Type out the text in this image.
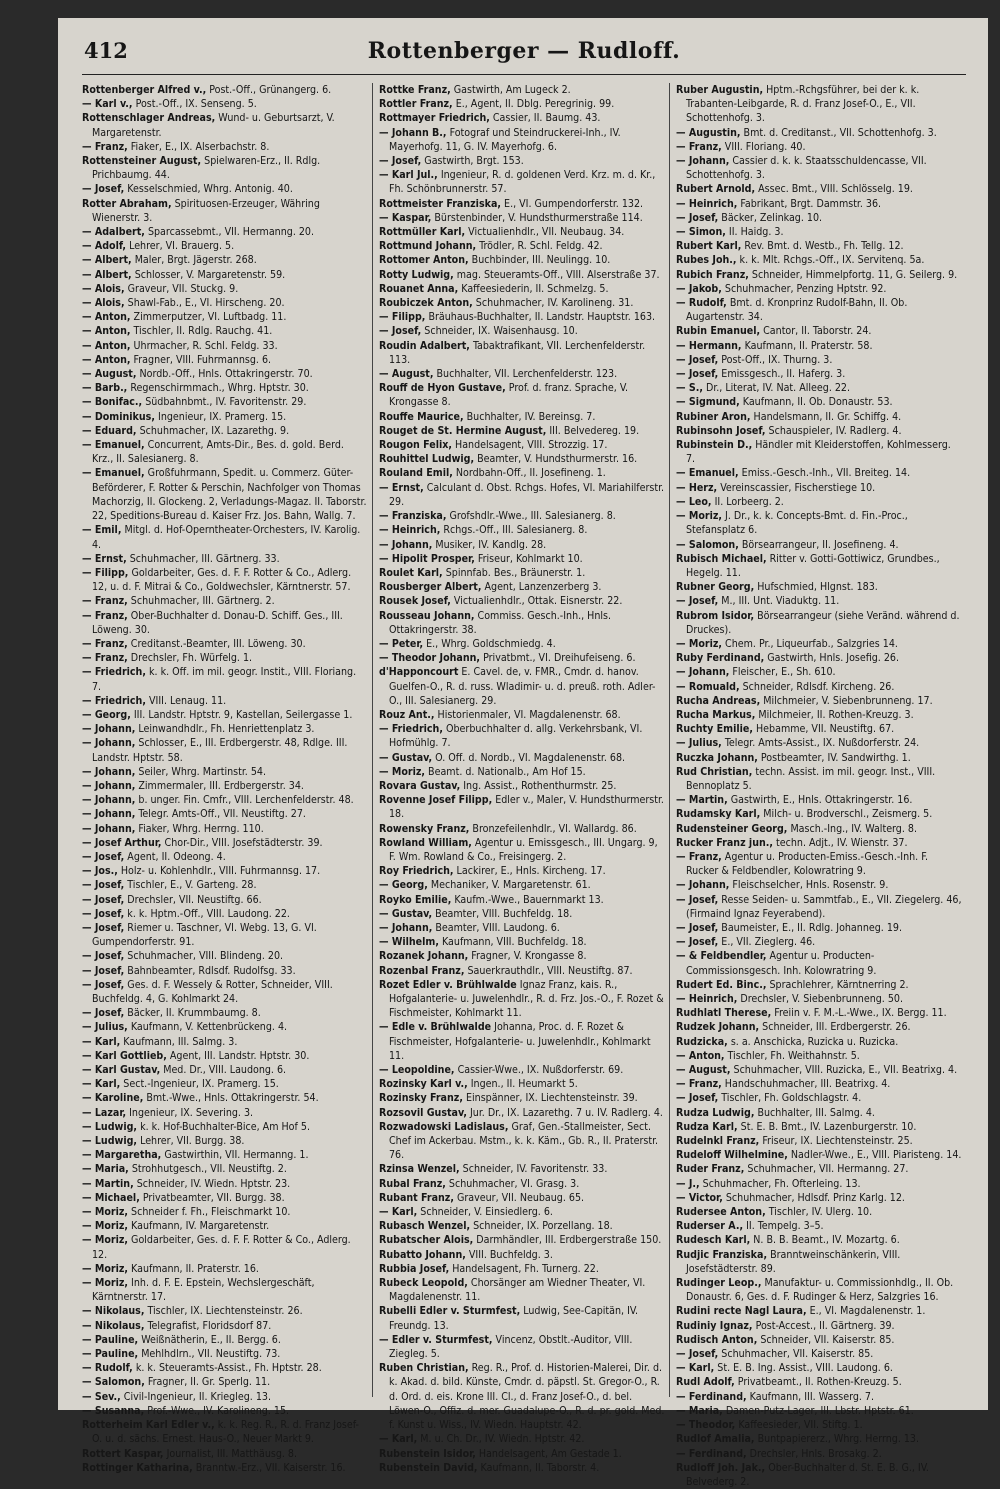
412	Rottenberger — Rudloff.

Rottenberger Alfred v., Post.-Off., Grünangerg. 6.

— Karl v., Post.-Off., IX. Senseng. 5.

Rottenschlager Andreas, Wund- u. Geburtsarzt, V. Margaretenstr.

— Franz, Fiaker, E., IX. Alserbachstr. 8.

Rottensteiner August, Spielwaren-Erz., II. Rdlg. Prichbaumg. 44.

— Josef, Kesselschmied, Whrg. Antonig. 40.

Rotter Abraham, Spirituosen-Erzeuger, Währing Wienerstr. 3.

— Adalbert, Sparcassebmt., VII. Hermanng. 20.

— Adolf, Lehrer, VI. Brauerg. 5.

— Albert, Maler, Brgt. Jägerstr. 268.

— Albert, Schlosser, V. Margaretenstr. 59.

— Alois, Graveur, VII. Stuckg. 9.

— Alois, Shawl-Fab., E., VI. Hirscheng. 20.

— Anton, Zimmerputzer, VI. Luftbadg. 11.

— Anton, Tischler, II. Rdlg. Rauchg. 41.

— Anton, Uhrmacher, R. Schl. Feldg. 33.

— Anton, Fragner, VIII. Fuhrmannsg. 6.

— August, Nordb.-Off., Hnls. Ottakringerstr. 70.

— Barb., Regenschirmmach., Whrg. Hptstr. 30.

— Bonifac., Südbahnbmt., IV. Favoritenstr. 29.

— Dominikus, Ingenieur, IX. Pramerg. 15.

— Eduard, Schuhmacher, IX. Lazarethg. 9.

— Emanuel, Concurrent, Amts-Dir., Bes. d. gold. Berd. Krz., II. Salesianerg. 8.

— Emanuel, Großfuhrmann, Spedit. u. Commerz. Güter-Beförderer, F. Rotter & Perschin, Nachfolger von Thomas Machorzig, II. Glockeng. 2, Verladungs-Magaz. II. Taborstr. 22, Speditions-Bureau d. Kaiser Frz. Jos. Bahn, Wallg. 7.

— Emil, Mitgl. d. Hof-Operntheater-Orchesters, IV. Karolig. 4.

— Ernst, Schuhmacher, III. Gärtnerg. 33.

— Filipp, Goldarbeiter, Ges. d. F. F. Rotter & Co., Adlerg. 12, u. d. F. Mitrai & Co., Goldwechsler, Kärntnerstr. 57.

— Franz, Schuhmacher, III. Gärtnerg. 2.

— Franz, Ober-Buchhalter d. Donau-D. Schiff. Ges., III. Löweng. 30.

— Franz, Creditanst.-Beamter, III. Löweng. 30.

— Franz, Drechsler, Fh. Würfelg. 1.

— Friedrich, k. k. Off. im mil. geogr. Instit., VIII. Floriang. 7.

— Friedrich, VIII. Lenaug. 11.

— Georg, III. Landstr. Hptstr. 9, Kastellan, Seilergasse 1.

— Johann, Leinwandhdlr., Fh. Henriettenplatz 3.

— Johann, Schlosser, E., III. Erdbergerstr. 48, Rdlge. III. Landstr. Hptstr. 58.

— Johann, Seiler, Whrg. Martinstr. 54.

— Johann, Zimmermaler, III. Erdbergerstr. 34.

— Johann, b. unger. Fin. Cmfr., VIII. Lerchenfelderstr. 48.

— Johann, Telegr. Amts-Off., VII. Neustiftg. 27.

— Johann, Fiaker, Whrg. Herrng. 110.

— Josef Arthur, Chor-Dir., VIII. Josefstädterstr. 39.

— Josef, Agent, II. Odeong. 4.

— Jos., Holz- u. Kohlenhdlr., VIII. Fuhrmannsg. 17.

— Josef, Tischler, E., V. Garteng. 28.

— Josef, Drechsler, VII. Neustiftg. 66.

— Josef, k. k. Hptm.-Off., VIII. Laudong. 22.

— Josef, Riemer u. Taschner, VI. Webg. 13, G. VI. Gumpendorferstr. 91.

— Josef, Schuhmacher, VIII. Blindeng. 20.

— Josef, Bahnbeamter, Rdlsdf. Rudolfsg. 33.

— Josef, Ges. d. F. Wessely & Rotter, Schneider, VIII. Buchfeldg. 4, G. Kohlmarkt 24.

— Josef, Bäcker, II. Krummbaumg. 8.

— Julius, Kaufmann, V. Kettenbrückeng. 4.

— Karl, Kaufmann, III. Salmg. 3.

— Karl Gottlieb, Agent, III. Landstr. Hptstr. 30.

— Karl Gustav, Med. Dr., VIII. Laudong. 6.

— Karl, Sect.-Ingenieur, IX. Pramerg. 15.

— Karoline, Bmt.-Wwe., Hnls. Ottakringerstr. 54.

— Lazar, Ingenieur, IX. Severing. 3.

— Ludwig, k. k. Hof-Buchhalter-Bice, Am Hof 5.

— Ludwig, Lehrer, VII. Burgg. 38.

— Margaretha, Gastwirthin, VII. Hermanng. 1.

— Maria, Strohhutgesch., VII. Neustiftg. 2.

— Martin, Schneider, IV. Wiedn. Hptstr. 23.

— Michael, Privatbeamter, VII. Burgg. 38.

— Moriz, Schneider f. Fh., Fleischmarkt 10.

— Moriz, Kaufmann, IV. Margaretenstr.

— Moriz, Goldarbeiter, Ges. d. F. F. Rotter & Co., Adlerg. 12.

— Moriz, Kaufmann, II. Praterstr. 16.

— Moriz, Inh. d. F. E. Epstein, Wechslergeschäft, Kärntnerstr. 17.

— Nikolaus, Tischler, IX. Liechtensteinstr. 26.

— Nikolaus, Telegrafist, Floridsdorf 87.

— Pauline, Weißnätherin, E., II. Bergg. 6.

— Pauline, Mehlhdlrn., VII. Neustiftg. 73.

— Rudolf, k. k. Steueramts-Assist., Fh. Hptstr. 28.

— Salomon, Fragner, II. Gr. Sperlg. 11.

— Sev., Civil-Ingenieur, II. Kriegleg. 13.

— Susanna, Prof.-Wwe., IV. Karolineng. 15.

Rotterheim Karl Edler v., k. k. Reg. R., R. d. Franz Josef-O. u. d. sächs. Ernest. Haus-O., Neuer Markt 9.

Rottert Kaspar, Journalist, III. Matthäusg. 8.

Rottinger Katharina, Branntw.-Erz., VII. Kaiserstr. 16.

Rottke Franz, Gastwirth, Am Lugeck 2.

Rottler Franz, E., Agent, II. Dblg. Peregrinig. 99.

Rottmayer Friedrich, Cassier, II. Baumg. 43.

— Johann B., Fotograf und Steindruckerei-Inh., IV. Mayerhofg. 11, G. IV. Mayerhofg. 6.

— Josef, Gastwirth, Brgt. 153.

— Karl Jul., Ingenieur, R. d. goldenen Verd. Krz. m. d. Kr., Fh. Schönbrunnerstr. 57.

Rottmeister Franziska, E., VI. Gumpendorferstr. 132.

— Kaspar, Bürstenbinder, V. Hundsthurmerstraße 114.

Rottmüller Karl, Victualienhdlr., VII. Neubaug. 34.

Rottmund Johann, Trödler, R. Schl. Feldg. 42.

Rottomer Anton, Buchbinder, III. Neulingg. 10.

Rotty Ludwig, mag. Steueramts-Off., VIII. Alserstraße 37.

Rouanet Anna, Kaffeesiederin, II. Schmelzg. 5.

Roubiczek Anton, Schuhmacher, IV. Karolineng. 31.

— Filipp, Bräuhaus-Buchhalter, II. Landstr. Hauptstr. 163.

— Josef, Schneider, IX. Waisenhausg. 10.

Roudin Adalbert, Tabaktrafikant, VII. Lerchenfelderstr. 113.

— August, Buchhalter, VII. Lerchenfelderstr. 123.

Rouff de Hyon Gustave, Prof. d. franz. Sprache, V. Krongasse 8.

Rouffe Maurice, Buchhalter, IV. Bereinsg. 7.

Rouget de St. Hermine August, III. Belvedereg. 19.

Rougon Felix, Handelsagent, VIII. Strozzig. 17.

Rouhittel Ludwig, Beamter, V. Hundsthurmerstr. 16.

Rouland Emil, Nordbahn-Off., II. Josefineng. 1.

— Ernst, Calculant d. Obst. Rchgs. Hofes, VI. Mariahilferstr. 29.

— Franziska, Grofshdlr.-Wwe., III. Salesianerg. 8.

— Heinrich, Rchgs.-Off., III. Salesianerg. 8.

— Johann, Musiker, IV. Kandlg. 28.

— Hipolit Prosper, Friseur, Kohlmarkt 10.

Roulet Karl, Spinnfab. Bes., Bräunerstr. 1.

Rousberger Albert, Agent, Lanzenzerberg 3.

Rousek Josef, Victualienhdlr., Ottak. Eisnerstr. 22.

Rousseau Johann, Commiss. Gesch.-Inh., Hnls. Ottakringerstr. 38.

— Peter, E., Whrg. Goldschmiedg. 4.

— Theodor Johann, Privatbmt., VI. Dreihufeiseng. 6.

d'Happoncourt E. Cavel. de, v. FMR., Cmdr. d. hanov. Guelfen-O., R. d. russ. Wladimir- u. d. preuß. roth. Adler-O., III. Salesianerg. 29.

Rouz Ant., Historienmaler, VI. Magdalenenstr. 68.

— Friedrich, Oberbuchhalter d. allg. Verkehrsbank, VI. Hofmühlg. 7.

— Gustav, O. Off. d. Nordb., VI. Magdalenenstr. 68.

— Moriz, Beamt. d. Nationalb., Am Hof 15.

Rovara Gustav, Ing. Assist., Rothenthurmstr. 25.

Rovenne Josef Filipp, Edler v., Maler, V. Hundsthurmerstr. 18.

Rowensky Franz, Bronzefeilenhdlr., VI. Wallardg. 86.

Rowland William, Agentur u. Emissgesch., III. Ungarg. 9, F. Wm. Rowland & Co., Freisingerg. 2.

Roy Friedrich, Lackirer, E., Hnls. Kircheng. 17.

— Georg, Mechaniker, V. Margaretenstr. 61.

Royko Emilie, Kaufm.-Wwe., Bauernmarkt 13.

— Gustav, Beamter, VIII. Buchfeldg. 18.

— Johann, Beamter, VIII. Laudong. 6.

— Wilhelm, Kaufmann, VIII. Buchfeldg. 18.

Rozanek Johann, Fragner, V. Krongasse 8.

Rozenbal Franz, Sauerkrauthdlr., VIII. Neustiftg. 87.

Rozet Edler v. Brühlwalde Ignaz Franz, kais. R., Hofgalanterie- u. Juwelenhdlr., R. d. Frz. Jos.-O., F. Rozet & Fischmeister, Kohlmarkt 11.

— Edle v. Brühlwalde Johanna, Proc. d. F. Rozet & Fischmeister, Hofgalanterie- u. Juwelenhdlr., Kohlmarkt 11.

— Leopoldine, Cassier-Wwe., IX. Nußdorferstr. 69.

Rozinsky Karl v., Ingen., II. Heumarkt 5.

Rozinsky Franz, Einspänner, IX. Liechtensteinstr. 39.

Rozsovil Gustav, Jur. Dr., IX. Lazarethg. 7 u. IV. Radlerg. 4.

Rozwadowski Ladislaus, Graf, Gen.-Stallmeister, Sect. Chef im Ackerbau. Mstm., k. k. Käm., Gb. R., II. Praterstr. 76.

Rzinsa Wenzel, Schneider, IV. Favoritenstr. 33.

Rubal Franz, Schuhmacher, VI. Grasg. 3.

Rubant Franz, Graveur, VII. Neubaug. 65.

— Karl, Schneider, V. Einsiedlerg. 6.

Rubasch Wenzel, Schneider, IX. Porzellang. 18.

Rubatscher Alois, Darmhändler, III. Erdbergerstraße 150.

Rubatto Johann, VIII. Buchfeldg. 3.

Rubbia Josef, Handelsagent, Fh. Turnerg. 22.

Rubeck Leopold, Chorsänger am Wiedner Theater, VI. Magdalenenstr. 11.

Rubelli Edler v. Sturmfest, Ludwig, See-Capitän, IV. Freundg. 13.

— Edler v. Sturmfest, Vincenz, Obstlt.-Auditor, VIII. Ziegleg. 5.

Ruben Christian, Reg. R., Prof. d. Historien-Malerei, Dir. d. k. Akad. d. bild. Künste, Cmdr. d. päpstl. St. Gregor-O., R. d. Ord. d. eis. Krone III. Cl., d. Franz Josef-O., d. bel. Löwen-O., Offiz. d. mer. Guadalupe-O., R. d. pr. gold. Med. f. Kunst u. Wiss., IV. Wiedn. Hauptstr. 42.

— Karl, M. u. Ch. Dr., IV. Wiedn. Hptstr. 42.

Rubenstein Isidor, Handelsagent, Am Gestade 1.

Rubenstein David, Kaufmann, II. Taborstr. 4.

Ruber Augustin, Hptm.-Rchgsführer, bei der k. k. Trabanten-Leibgarde, R. d. Franz Josef-O., E., VII. Schottenhofg. 3.

— Augustin, Bmt. d. Creditanst., VII. Schottenhofg. 3.

— Franz, VIII. Floriang. 40.

— Johann, Cassier d. k. k. Staatsschuldencasse, VII. Schottenhofg. 3.

Rubert Arnold, Assec. Bmt., VIII. Schlösselg. 19.

— Heinrich, Fabrikant, Brgt. Dammstr. 36.

— Josef, Bäcker, Zelinkag. 10.

— Simon, II. Haidg. 3.

Rubert Karl, Rev. Bmt. d. Westb., Fh. Tellg. 12.

Rubes Joh., k. k. Mlt. Rchgs.-Off., IX. Servitenq. 5a.

Rubich Franz, Schneider, Himmelpfortg. 11, G. Seilerg. 9.

— Jakob, Schuhmacher, Penzing Hptstr. 92.

— Rudolf, Bmt. d. Kronprinz Rudolf-Bahn, II. Ob. Augartenstr. 34.

Rubin Emanuel, Cantor, II. Taborstr. 24.

— Hermann, Kaufmann, II. Praterstr. 58.

— Josef, Post-Off., IX. Thurng. 3.

— Josef, Emissgesch., II. Haferg. 3.

— S., Dr., Literat, IV. Nat. Alleeg. 22.

— Sigmund, Kaufmann, II. Ob. Donaustr. 53.

Rubiner Aron, Handelsmann, II. Gr. Schiffg. 4.

Rubinsohn Josef, Schauspieler, IV. Radlerg. 4.

Rubinstein D., Händler mit Kleiderstoffen, Kohlmesserg. 7.

— Emanuel, Emiss.-Gesch.-Inh., VII. Breiteg. 14.

— Herz, Vereinscassier, Fischerstiege 10.

— Leo, II. Lorbeerg. 2.

— Moriz, J. Dr., k. k. Concepts-Bmt. d. Fin.-Proc., Stefansplatz 6.

— Salomon, Börsearrangeur, II. Josefineng. 4.

Rubisch Michael, Ritter v. Gotti-Gottiwicz, Grundbes., Hegelg. 11.

Rubner Georg, Hufschmied, Hlgnst. 183.

— Josef, M., III. Unt. Viaduktg. 11.

Rubrom Isidor, Börsearrangeur (siehe Veränd. während d. Druckes).

— Moriz, Chem. Pr., Liqueurfab., Salzgries 14.

Ruby Ferdinand, Gastwirth, Hnls. Josefig. 26.

— Johann, Fleischer, E., Sh. 610.

— Romuald, Schneider, Rdlsdf. Kircheng. 26.

Rucha Andreas, Milchmeier, V. Siebenbrunneng. 17.

Rucha Markus, Milchmeier, II. Rothen-Kreuzg. 3.

Ruchty Emilie, Hebamme, VII. Neustiftg. 67.

— Julius, Telegr. Amts-Assist., IX. Nußdorferstr. 24.

Ruczka Johann, Postbeamter, IV. Sandwirthg. 1.

Rud Christian, techn. Assist. im mil. geogr. Inst., VIII. Bennoplatz 5.

— Martin, Gastwirth, E., Hnls. Ottakringerstr. 16.

Rudamsky Karl, Milch- u. Brodverschl., Zeismerg. 5.

Rudensteiner Georg, Masch.-Ing., IV. Walterg. 8.

Rucker Franz jun., techn. Adjt., IV. Wienstr. 37.

— Franz, Agentur u. Producten-Emiss.-Gesch.-Inh. F. Rucker & Feldbendler, Kolowratring 9.

— Johann, Fleischselcher, Hnls. Rosenstr. 9.

— Josef, Resse Seiden- u. Sammtfab., E., VII. Ziegelerg. 46, (Firmaind Ignaz Feyerabend).

— Josef, Baumeister, E., II. Rdlg. Johanneg. 19.

— Josef, E., VII. Zieglerg. 46.

— & Feldbendler, Agentur u. Producten-Commissionsgesch. Inh. Kolowratring 9.

Rudert Ed. Binc., Sprachlehrer, Kärntnerring 2.

— Heinrich, Drechsler, V. Siebenbrunneng. 50.

Rudhlatl Therese, Freiin v. F. M.-L.-Wwe., IX. Bergg. 11.

Rudzek Johann, Schneider, III. Erdbergerstr. 26.

Rudzicka, s. a. Anschicka, Ruzicka u. Ruzicka.

— Anton, Tischler, Fh. Weithahnstr. 5.

— August, Schuhmacher, VIII. Ruzicka, E., VII. Beatrixg. 4.

— Franz, Handschuhmacher, III. Beatrixg. 4.

— Josef, Tischler, Fh. Goldschlagstr. 4.

Rudza Ludwig, Buchhalter, III. Salmg. 4.

Rudza Karl, St. E. B. Bmt., IV. Lazenburgerstr. 10.

Rudelnkl Franz, Friseur, IX. Liechtensteinstr. 25.

Rudeloff Wilhelmine, Nadler-Wwe., E., VIII. Piaristeng. 14.

Ruder Franz, Schuhmacher, VII. Hermanng. 27.

— J., Schuhmacher, Fh. Ofterleing. 13.

— Victor, Schuhmacher, Hdlsdf. Prinz Karlg. 12.

Rudersee Anton, Tischler, IV. Ulerg. 10.

Ruderser A., II. Tempelg. 3–5.

Rudesch Karl, N. B. B. Beamt., IV. Mozartg. 6.

Rudjic Franziska, Branntweinschänkerin, VIII. Josefstädterstr. 89.

Rudinger Leop., Manufaktur- u. Commissionhdlg., II. Ob. Donaustr. 6, Ges. d. F. Rudinger & Herz, Salzgries 16.

Rudini recte Nagl Laura, E., VI. Magdalenenstr. 1.

Rudiniy Ignaz, Post-Accest., II. Gärtnerg. 39.

Rudisch Anton, Schneider, VII. Kaiserstr. 85.

— Josef, Schuhmacher, VII. Kaiserstr. 85.

— Karl, St. E. B. Ing. Assist., VIII. Laudong. 6.

Rudl Adolf, Privatbeamt., II. Rothen-Kreuzg. 5.

— Ferdinand, Kaufmann, III. Wasserg. 7.

— Maria, Damen-Putz-Lager, III. Lbstr. Hptstr. 61.

— Theodor, Kaffeesieder, VII. Stiftg. 1.

Rudlof Amalia, Buntpapiererz., Whrg. Herrng. 13.

— Ferdinand, Drechsler, Hnls. Brosakg. 2.

Rudloff Joh. Jak., Ober-Buchhalter d. St. E. B. G., IV. Belvederg. 2.
